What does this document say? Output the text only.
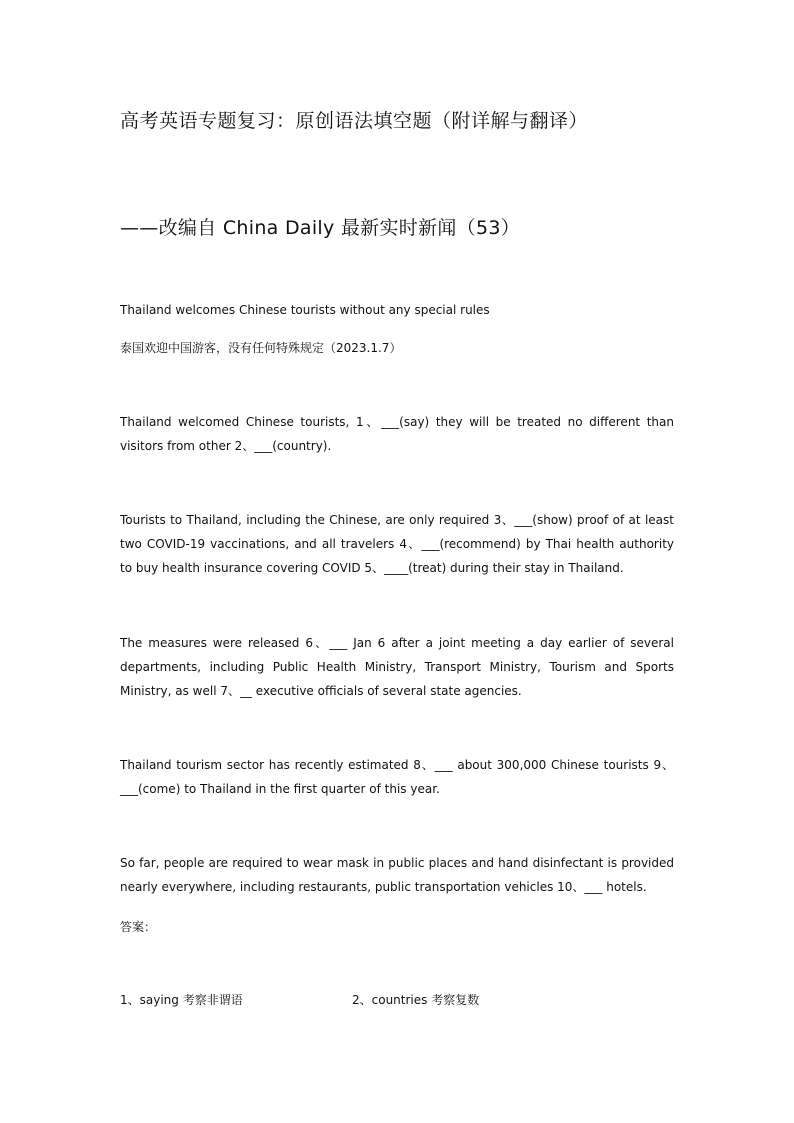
高考英语专题复习：原创语法填空题（附详解与翻译）
——改编自 China Daily 最新实时新闻（53）

Thailand welcomes Chinese tourists without any special rules

泰国欢迎中国游客，没有任何特殊规定（2023.1.7）

Thailand welcomed Chinese tourists, 1、___(say) they will be treated no different than visitors from other 2、___(country).

Tourists to Thailand, including the Chinese, are only required 3、___(show) proof of at least two COVID-19 vaccinations, and all travelers 4、___(recommend) by Thai health authority to buy health insurance covering COVID 5、____(treat) during their stay in Thailand.

The measures were released 6、___ Jan 6 after a joint meeting a day earlier of several departments, including Public Health Ministry, Transport Ministry, Tourism and Sports Ministry, as well 7、__ executive officials of several state agencies.

Thailand tourism sector has recently estimated 8、___ about 300,000 Chinese tourists 9、___(come) to Thailand in the first quarter of this year.

So far, people are required to wear mask in public places and hand disinfectant is provided nearly everywhere, including restaurants, public transportation vehicles 10、___ hotels.

答案：

1、saying 考察非谓语	2、countries 考察复数
